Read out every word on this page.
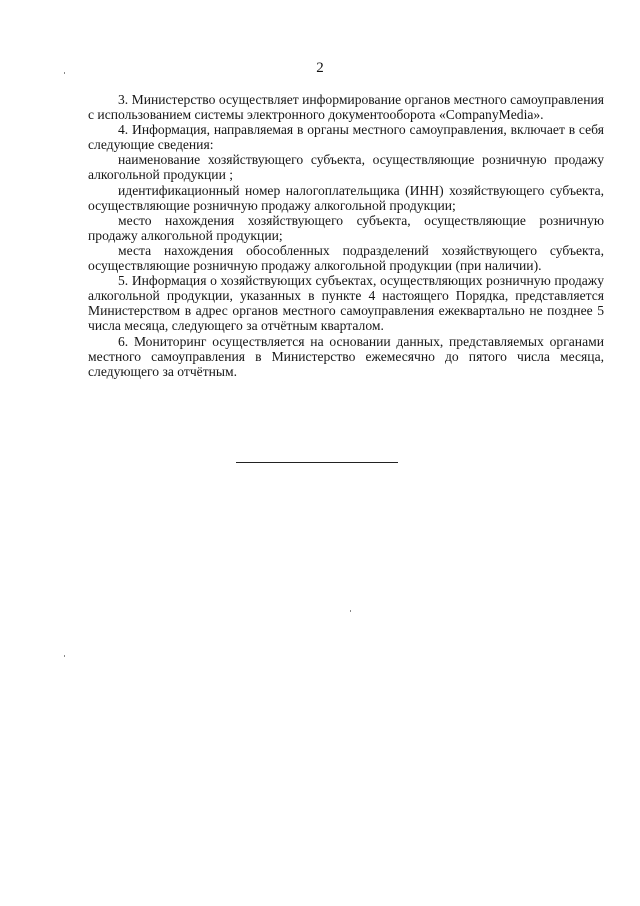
2

3. Министерство осуществляет информирование органов местного самоуправления с использованием системы электронного документооборота «CompanyMedia».

4. Информация, направляемая в органы местного самоуправления, включает в себя следующие сведения:

наименование хозяйствующего субъекта, осуществляющие розничную продажу алкогольной продукции ;

идентификационный номер налогоплательщика (ИНН) хозяйствующего субъекта, осуществляющие розничную продажу алкогольной продукции;

место нахождения хозяйствующего субъекта, осуществляющие розничную продажу алкогольной продукции;

места нахождения обособленных подразделений хозяйствующего субъекта, осуществляющие розничную продажу алкогольной продукции (при наличии).

5. Информация о хозяйствующих субъектах, осуществляющих розничную продажу алкогольной продукции, указанных в пункте 4 настоящего Порядка, представляется Министерством в адрес органов местного самоуправления ежеквартально не позднее 5 числа месяца, следующего за отчётным кварталом.

6. Мониторинг осуществляется на основании данных, представляемых органами местного самоуправления в Министерство ежемесячно до пятого числа месяца, следующего за отчётным.
